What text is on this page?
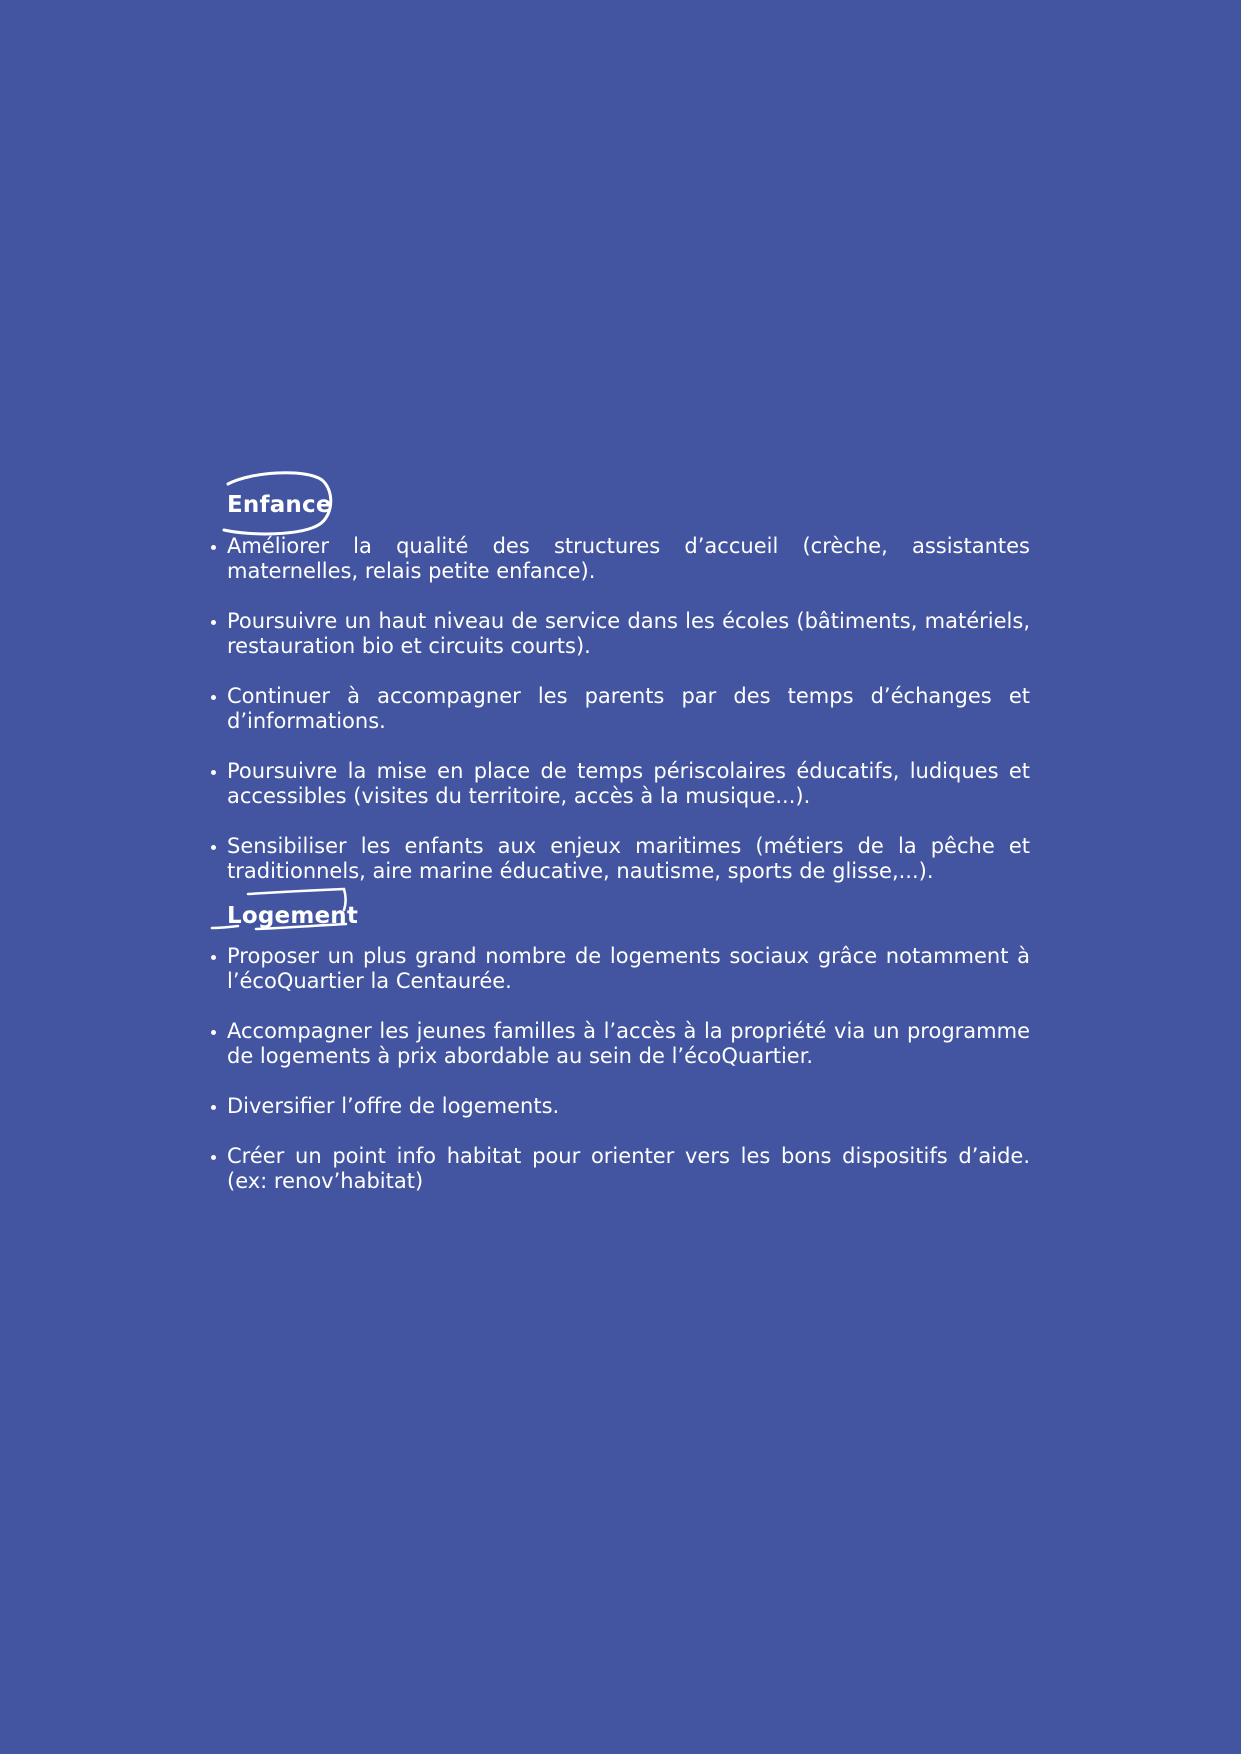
Enfance
Améliorer la qualité des structures d’accueil (crèche, assistantes maternelles, relais petite enfance).
Poursuivre un haut niveau de service dans les écoles (bâtiments, matériels, restauration bio et circuits courts).
Continuer à accompagner les parents par des temps d’échanges et d’informations.
Poursuivre la mise en place de temps périscolaires éducatifs, ludiques et accessibles (visites du territoire, accès à la musique...).
Sensibiliser les enfants aux enjeux maritimes (métiers de la pêche et traditionnels, aire marine éducative, nautisme, sports de glisse,...).
Logement
Proposer un plus grand nombre de logements sociaux grâce notamment à l’écoQuartier la Centaurée.
Accompagner les jeunes familles à l’accès à la propriété via un programme de logements à prix abordable au sein de l’écoQuartier.
Diversifier l’offre de logements.
Créer un point info habitat pour orienter vers les bons dispositifs d’aide. (ex: renov’habitat)
